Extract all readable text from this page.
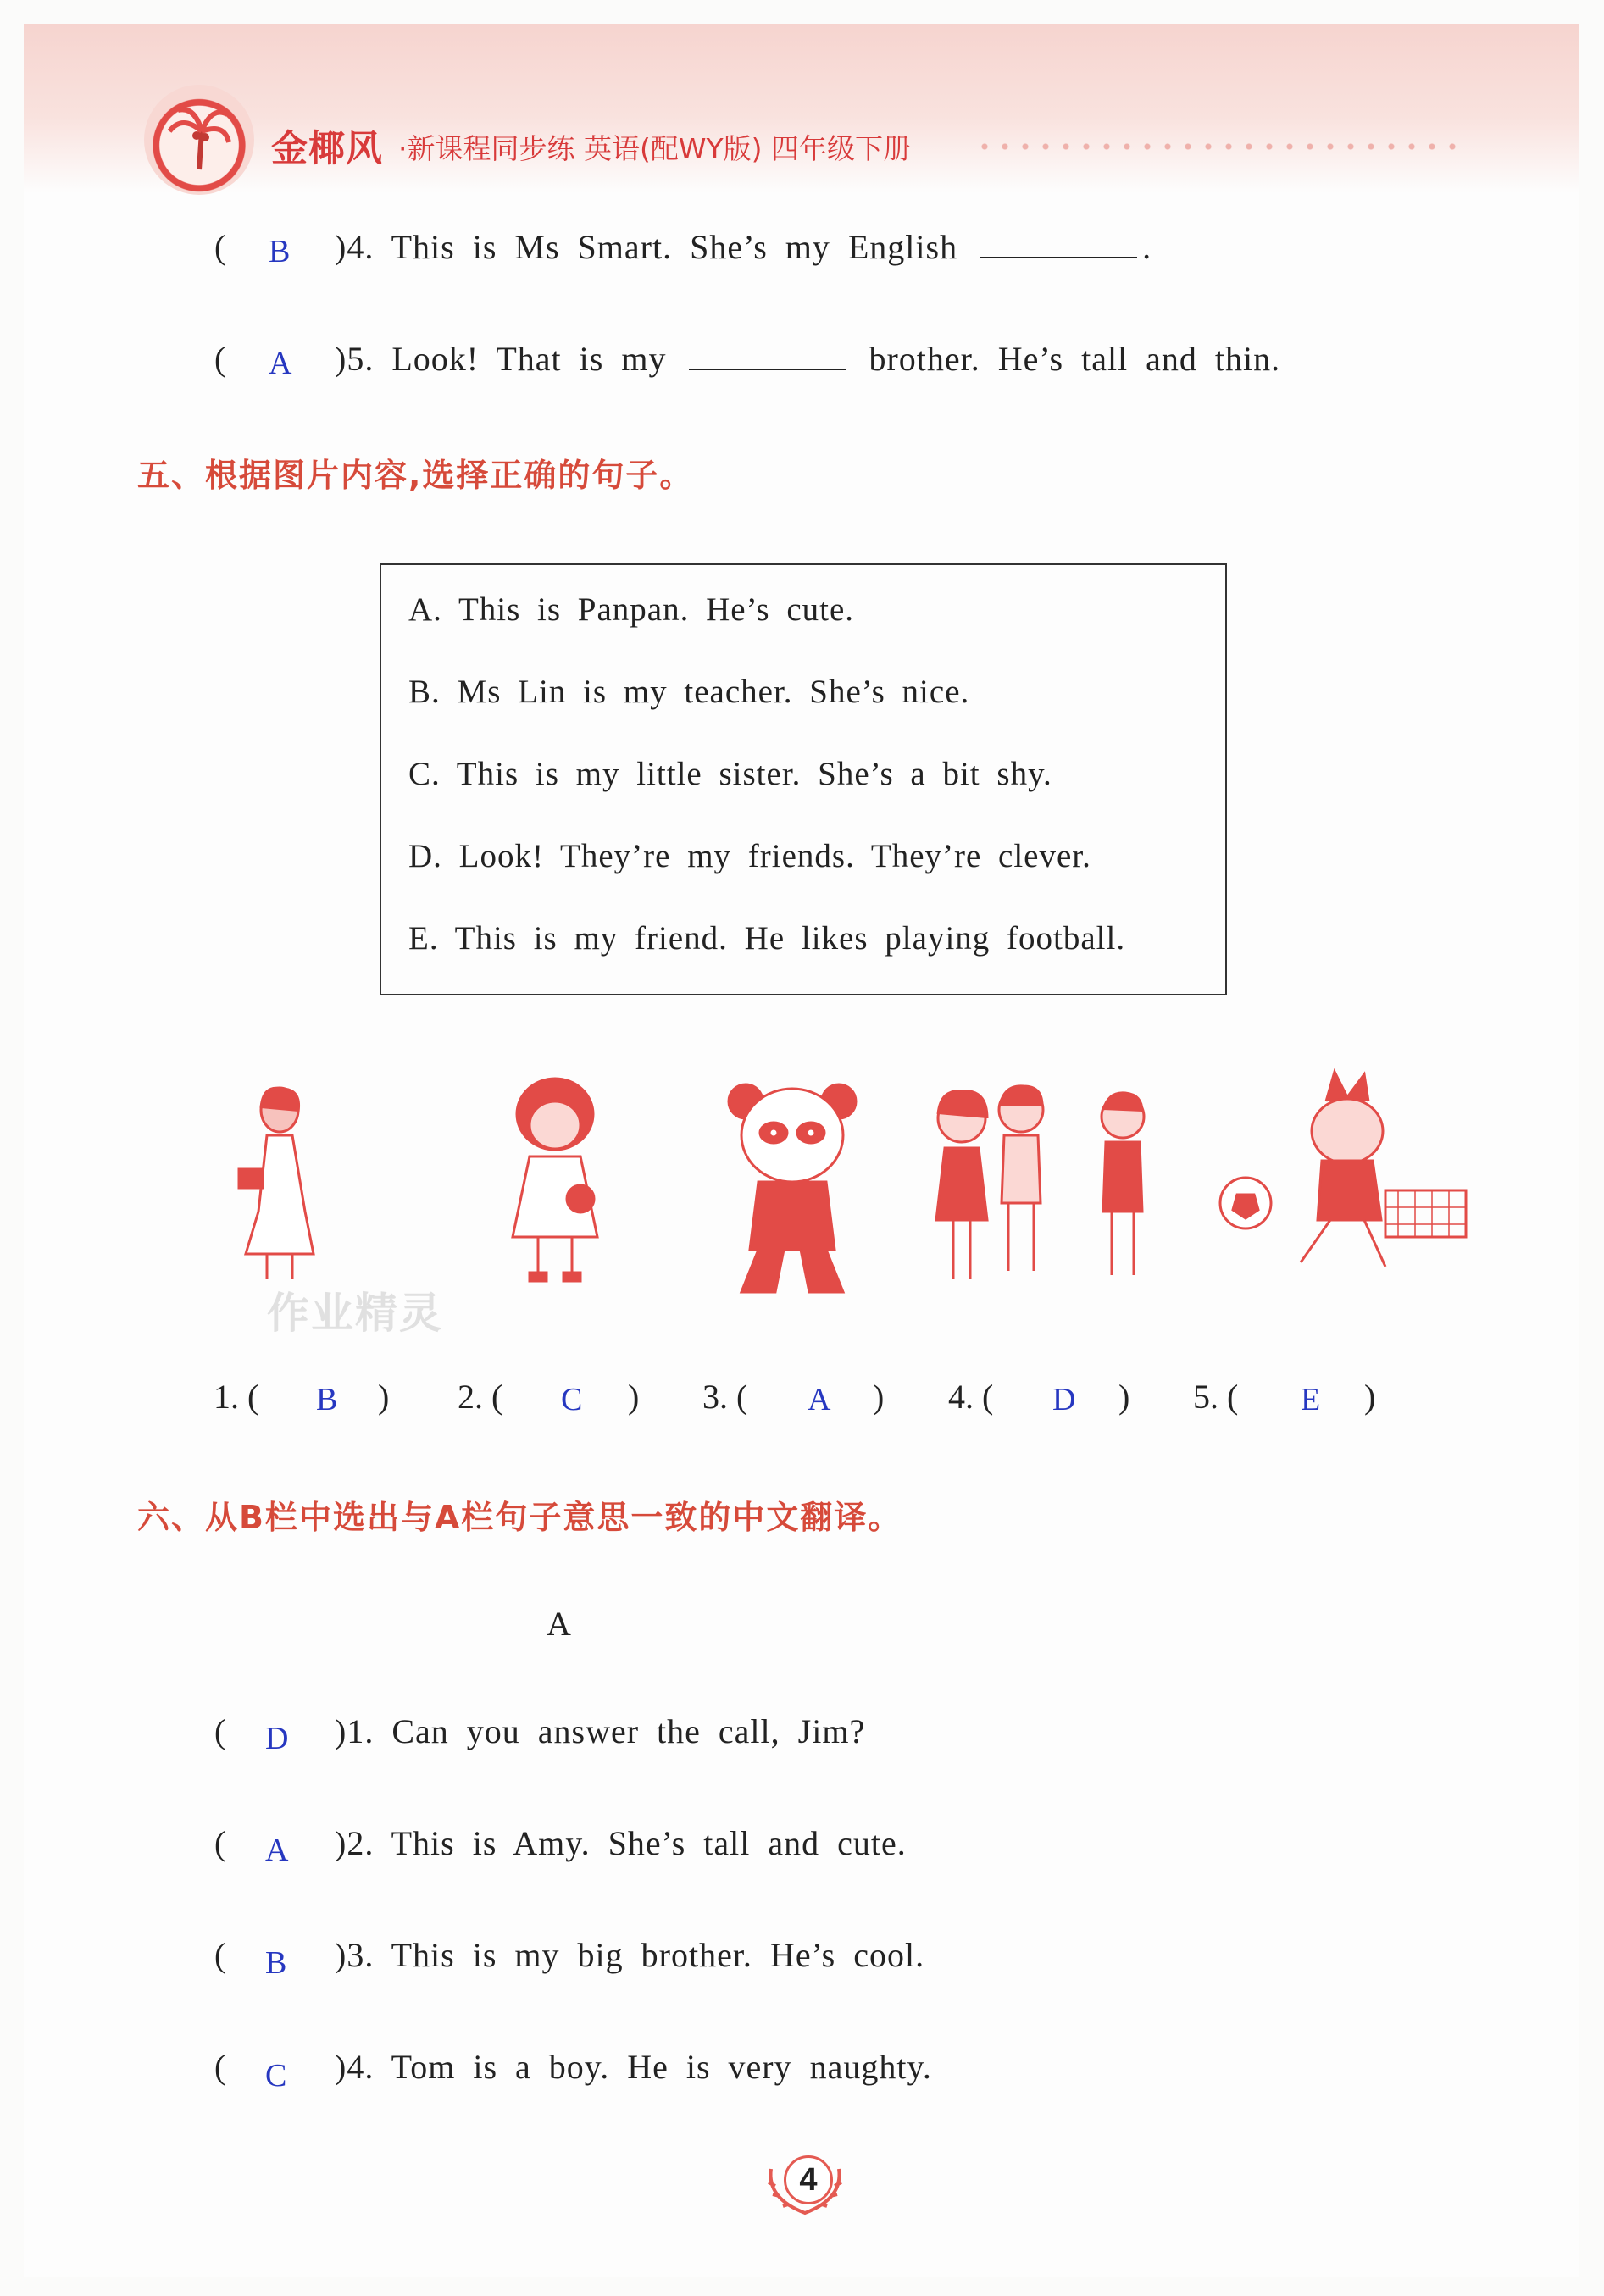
金椰风 ·新课程同步练 英语(配WY版) 四年级下册
( B )4. This is Ms Smart. She’s my English	.
( A )5. Look! That is my	brother. He’s tall and thin.
五、根据图片内容,选择正确的句子。
A. This is Panpan. He’s cute.
B. Ms Lin is my teacher. She’s nice.
C. This is my little sister. She’s a bit shy.
D. Look! They’re my friends. They’re clever.
E. This is my friend. He likes playing football.
作业精灵
1. ( B ) 2. ( C ) 3. ( A ) 4. ( D ) 5. ( E )
六、从B栏中选出与A栏句子意思一致的中文翻译。
A
( D )1. Can you answer the call, Jim?
( A )2. This is Amy. She’s tall and cute.
( B )3. This is my big brother. He’s cool.
( C )4. Tom is a boy. He is very naughty.
4
